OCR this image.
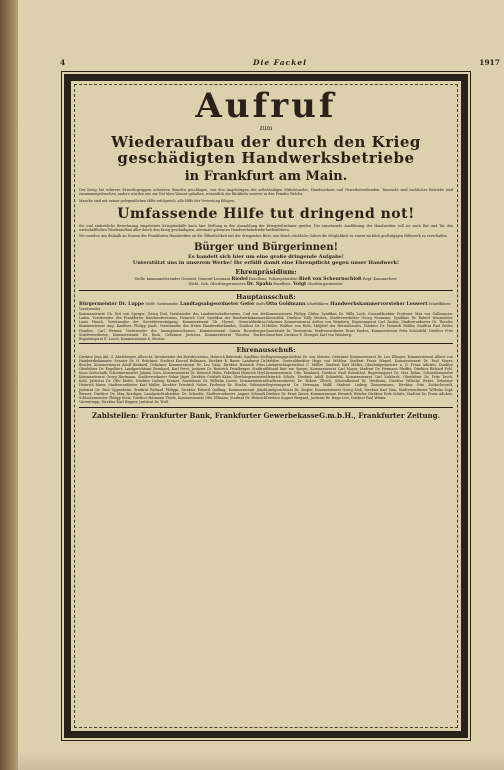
4	Die Fackel	1917
Aufruf
zum
Wiederaufbau der durch den Krieg geschädigten Handwerksbetriebe
in Frankfurt am Main.

Der Krieg hat schwere Erwerbsgruppen schweren Wunden geschlagen, von den Angehörigen des selbständigen Mittelstandes, Handwerkern und Gewerbetreibenden. Tausende sind sachlicher Betriebe sind zusammengebrochen, andere wurden nur zur Not über Wasser gehalten, wesentlich die Rückkehr unserer in den Feindes Welche.

Manche sind mit seiner gelegentlichen Hilfe erfolgreich, alle Hilfe der Vertretung fähigen.

Umfassende Hilfe tut dringend not!

Sie und einheitliche Berechnung eingeleitete Kriegsbeihilfe kann hier Stellung in der Auszahlung der Kriegsteilnehmer greifen. Die einsetzende Ausführung der Handwerker soll sie auch Rat und Tat den wirtschaftlichen Wiederaufbau aller durch den Krieg geschädigten, abermals gelernten Handwerksbetriebe herbeiführen.

Wir wenden uns deshalb an Namen der Frankfurter Handwerker an die Öffentlichkeit mit der dringenden Bitte, uns durch reichliche Gaben die Möglichkeit zu einem wirklich großzügigen Hilfswerk zu verschaffen.

Bürger und Bürgerinnen!

Es handelt sich hier um eine große dringende Aufgabe!

Unterstützt uns in unserem Werke! Ihr erfüllt damit eine Ehrenpflicht gegen unser Handwerk!

Ehrenpräsidium:
Stellv. kommandierender General, General-Leutnant Riedel Exzellenz, Polizeipräsident Rieß von Scheurnschloß Regl. Kammerherr.
Wirkl. Geh. Oberbürgermeister Dr. Spahn Exzellenz, Voigt Oberbürgermeister.
Hauptausschuß:
Bürgermeister Dr. Luppe Stellv. Vorsitzender. Landtagsabgeordneter Gefer Stellv. Vorsitzender.
Otto Goldmann Schriftführer. Handwerkskammervorsteher Louwert Schriftführer.
Kommerzienrat Ch. Drit von Sperger, Georg Dud, Vorsitzender des Landwirtschaftsvereins, Carl von der Laden, Vorsitzender des Frankfurter Handwerksvereins, Heinrich Cerf, Syndikus der Handwerkskammer, Louis Hauch, Vorsitzender der Gewerbevereinigung, Kommerzienrat Ch. Hoerst, Generaldirektor, Kommerzienrat Aug. Kauffner, Philipp Jandt, Vorsitzender des freien Handwerkerbundes, Stadtrat Dr. H. Hombes, Carl Weimer, Vorsitzender des Innungsausschusses, Kommerzienrat Simon Rosenberger, Stadtverordneter, Kommerzienrat Dr. Burk, Geheimer Justizrat, Kommerzienrat Theodor Rucker, Regierungsrat E. Lusch, Kommerzienrat K. Merton.
Kommerzienrat Philipp Gütler, Syndikus Dr. Willy Loeb, Generaldirektor Professor Max von Gulbransen-Kentschlik, Direktor Willy Merten, Stadtverordneter Georg Neumann, Syndikus Dr. Robert Neumeister, Geheimer Kommerzienrat Arthur von Weinberg, Regierungsrat Carl Zucker, Stadtverordneter Dr. Theodor Müller, Walther von Roth, Mitglied des Herrenhauses, Direktor Dr. Heinrich Rößler, Stadtrat Paul Röder, Sanitätsrat Dr. Rosenstein, Stadtverordneter Ernst Emden, Kommerzienrat Felix Schönfeld, Direktor Fritz Sauerbier, Direktor E. Stempel, Karl von Weinberg.
Ehrenausschuß:
Direktor Jean Abt, G. Abeleberger, Albrecht, Vorsitzender des Bezirksvereins, Heinrich Behrends, Syndikus der Handwerkskammer, Senator Dr. H. Brückner, Stadtrat Konrad Bellmann, Direktor B. Bauer, Landesrat Dr. Beutler, Kommerzienrat Adolf Benkard, Geheimer Kommerzienrat Dr. Leo Gans, Direktor Heinrich Fries, Oberlehrer Dr. Engelbert, Landgerichtsrat Bernhard, Karl Ferst, Justizrat Dr. Heinrich Friedberger, Stadtrat Kuno Gottschalk, Schreinermeister Johann Goes, Kommerzienrat Dr. Heinrich Hahn, Fabrikant Heinrich Heyl, Kommerzienrat Georg Hartmann, Stadtverordneter Oskar Jäger, Direktor Gottlieb Kahn, Oberbürgermeister Kohl, Justizrat Dr. Otto Kiefer, Direktor Ludwig Kramer, Sanitätsrat Dr. Wilhelm Loewe, Kommerzienrat Heinrich Maier, Stadtverordneter Karl Müller, Direktor Friedrich Neher, Professor Dr. Nicolai, Geheimer Justizrat Dr. Paul Oppenheim, Stadtrat Richard Philippi, Direktor Eduard Quilling, Kommerzienrat Jakob Riesser, Direktor Dr. Max Roediger, Landgerichtsdirektor Dr. Schaefer, Stadtverordneter August Schmidt, Schlossermeister Philipp Stein, Direktor Hermann Thiele, Kommerzienrat Otto Ullmann, Stadtrat Dr. Heinrich Varrentrapp, Direktor Karl Wagner, Justizrat Dr. Wolf.
Regierungspräsident Dr. von Meister, Geheimer Kommerzienrat Dr. Leo Ellinger, Kommerzienrat Albert von Metzler, Generaldirektor Hugo von Mühlen, Stadtrat Franz Miquel, Kommerzienrat Dr. Paul Meyer, Landgerichtspräsident C. Müller, Stadtrat Karl Müller, Oberbürgermeister a. D. Franz Adickes, Direktor Eduard Beit von Speyer, Kommerzienrat Carl Mayer, Stadtrat Dr. Hermann Pfeiffer, Direktor Richard Pohl, Kommerzienrat Otto Reinhard, Direktor Emil Rosenthal, Regierungsrat Dr. Max Rehm, Schneidermeister Heinrich Scholz, Direktor Adolf Schönfeld, Kommerzienrat Carl Sulzbach, Oberlehrer Dr. Fritz Tesch, Stadtverordneter Dr. Robert Ullrich, Generalkonsul Dr. Wertheim, Direktor Wilhelm Weber, Geheimer Regierungsrat Dr. Hermann Wolff, Stadtrat Ludwig Zimmermann, Direktor Otto Zuckschwerdt, Landgerichtsrat Dr. Ziegler, Kommerzienrat Georg Zeiß, Direktor Karl Zinn, Stadtverordneter Wilhelm Zopf, Direktor Dr. Ernst Zinser, Kommerzienrat Heinrich Wetzlar, Direktor Fritz Schütz, Stadtrat Dr. Franz Adickes, Direktor August Weigand, Justizrat Dr. Hugo Levi, Direktor Paul Winter.
Zahlstellen: Frankfurter Bank, Frankfurter GewerbekasseG.m.b.H., Frankfurter Zeitung.
